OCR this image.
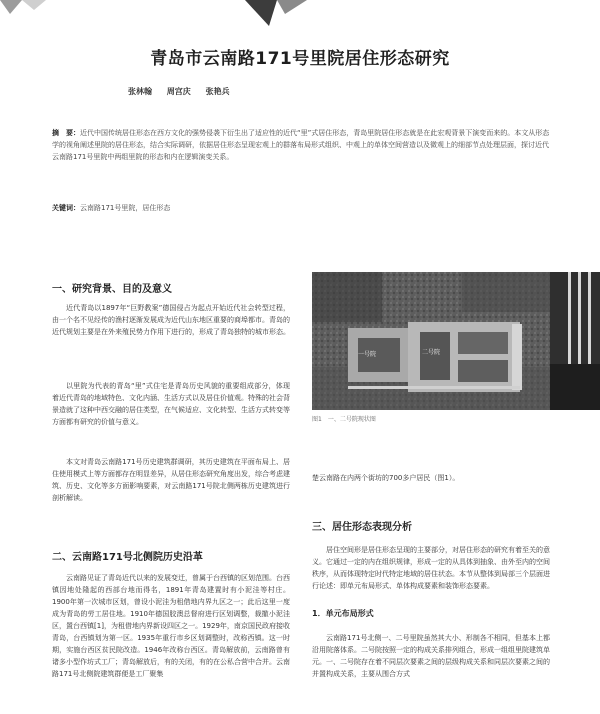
青岛市云南路171号里院居住形态研究
张林翰 周宫庆 张艳兵
摘　要：近代中国传统居住形态在西方文化的强势侵袭下衍生出了适应性的近代“里”式居住形态，青岛里院居住形态就是在此宏观背景下演变而来的。本文从形态学的视角阐述里院的居住形态，结合实际调研，依据居住形态呈现宏观上的群落布局形式组织、中观上的单体空间营造以及微观上的细部节点处理层面，探讨近代云南路171号里院中两组里院的形态和内在逻辑演变关系。
关键词：云南路171号里院，居住形态
一、研究背景、目的及意义
近代青岛以1897年“巨野教案”德国侵占为起点开始近代社会转型过程，由一个名不见经传的渔村逐渐发展成为近代山东地区重要的商埠都市。青岛的近代规划主要是在外来殖民势力作用下进行的，形成了青岛独特的城市形态。
以里院为代表的青岛“里”式住宅是青岛历史风貌的重要组成部分，体现着近代青岛的地域特色、文化内涵、生活方式以及居住价值观。特殊的社会背景造就了这种中西交融的居住类型，在气候适应、文化转型、生活方式转变等方面都有研究的价值与意义。
本文对青岛云南路171号历史建筑群调研，其历史建筑在平面布局上、居住使用模式上等方面都存在明显差异，从居住形态研究角度出发，综合考虑建筑、历史、文化等多方面影响要素，对云南路171号院北侧两栋历史建筑进行剖析解读。
二、云南路171号北侧院历史沿革
云南路见证了青岛近代以来的发展变迁，曾属于台西镇的区划范围。台西镇因地处隆起的西部台地而得名，1891年青岛建置时有小泥洼等村庄。1900年第一次城市区划，曾设小泥洼为租借地内界九区之一；此后这里一度成为青岛的劳工居住地。1910年德国胶澳总督府进行区划调整，裁撤小泥洼区，置台西镇[1]，为租借地内界新设四区之一。1929年，南京国民政府接收青岛，台西镇划为第一区。1935年重行市乡区划调整时，改称西镇。这一时期，实施台西区贫民院改造。1946年改称台西区。青岛解放前，云南路曾有诸多小型作坊式工厂；青岛解放后，有的关闭，有的在公私合营中合并。云南路171号北侧院建筑群便是工厂聚集
一号院	二号院
图1　一、二号院现状图
楚云南路在内两个街坊的700多户居民（图1）。
三、居住形态表现分析
居住空间形是居住形态呈现的主要部分，对居住形态的研究有着至关的意义。它通过一定的内在组织规律，形成一定的从具体到抽象、由外至内的空间秩序，从而体现特定时代特定地域的居住状态。本节从整体到局部三个层面进行论述：即单元布局形式、单体构成要素和装饰形态要素。
1．单元布局形式
云南路171号北侧一、二号里院虽然其大小、形制各不相同，但基本上都沿用院落体系。二号院按照一定的构成关系排列组合，形成一组组里院建筑单元。一、二号院存在着不同层次要素之间的层级构成关系和同层次要素之间的并置构成关系，主要从围合方式
